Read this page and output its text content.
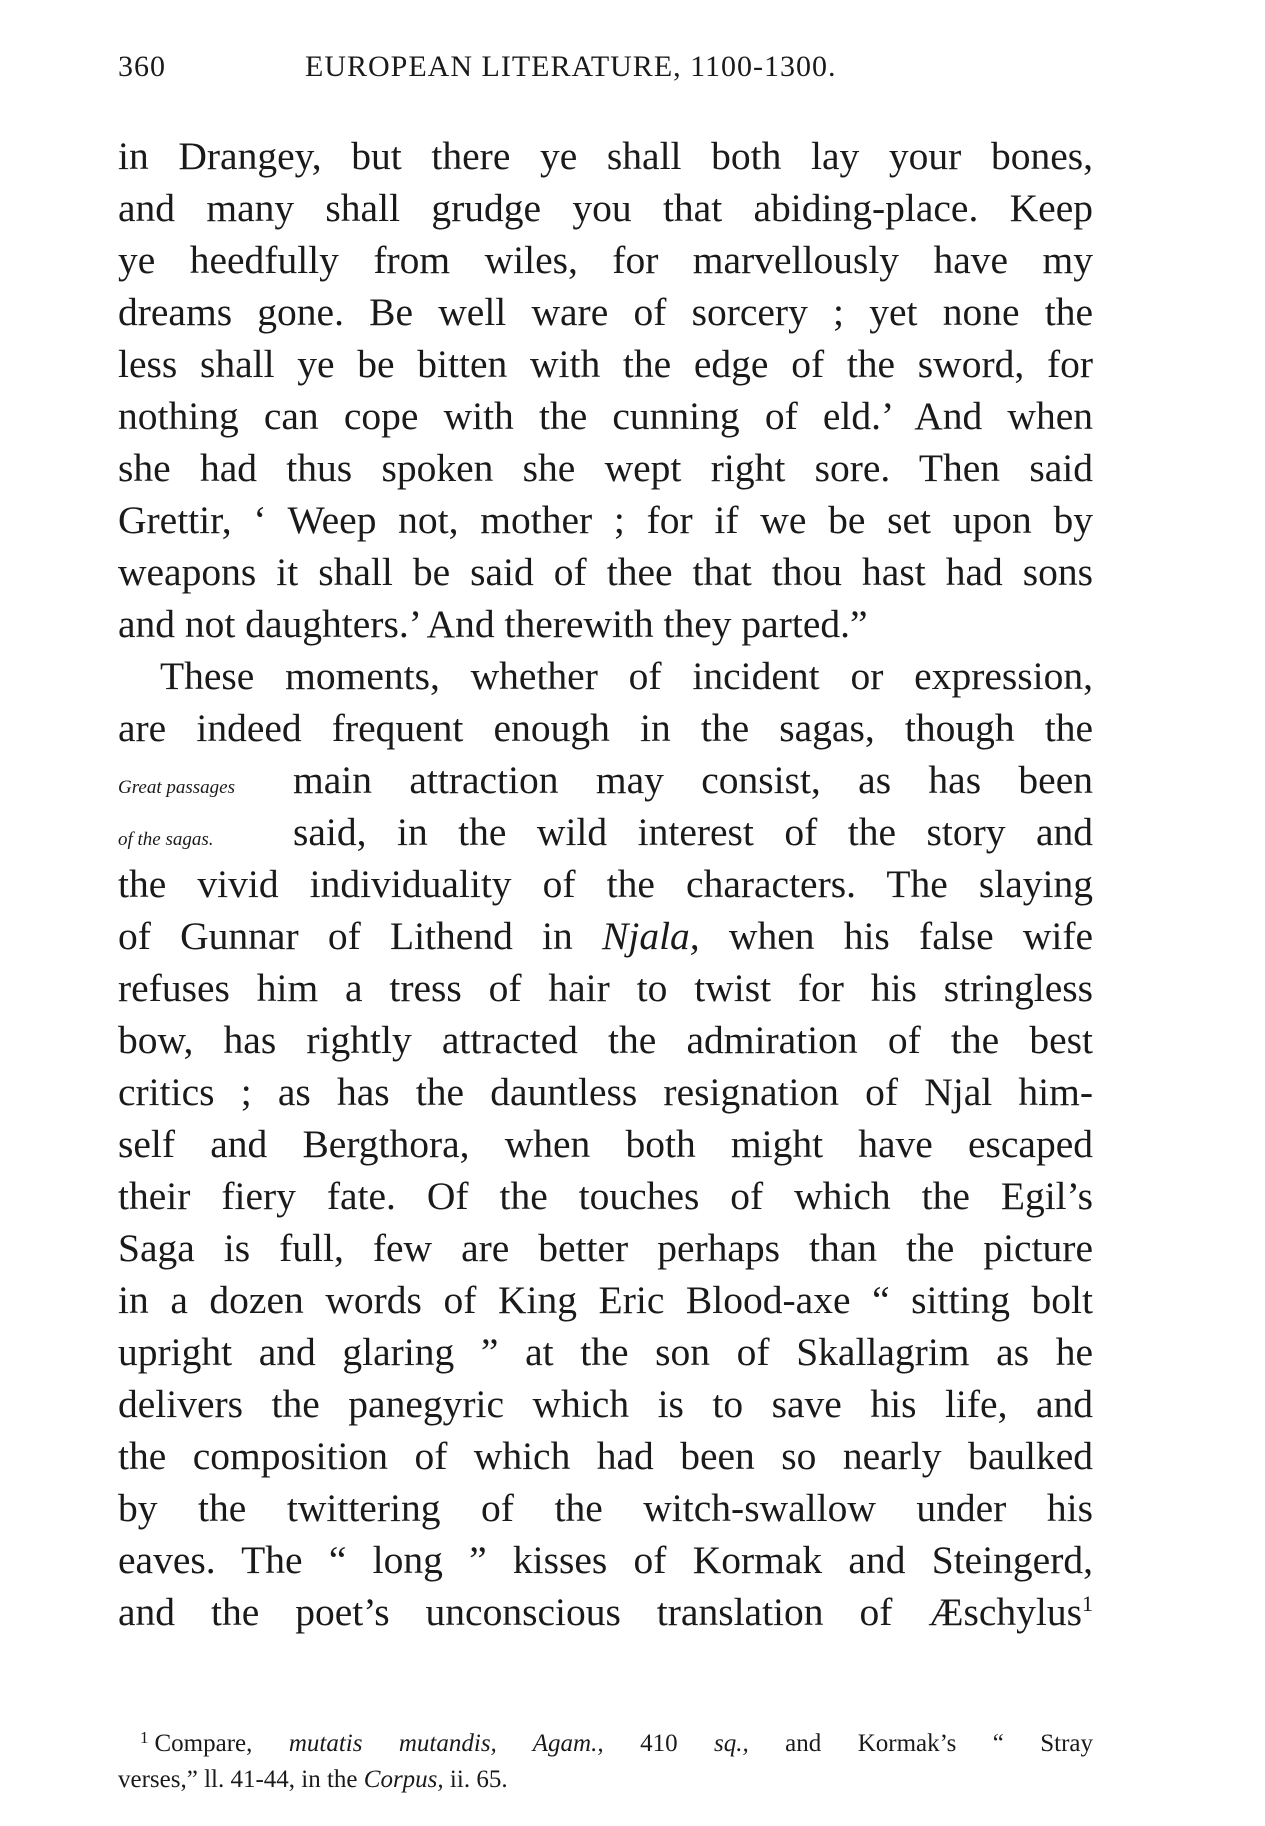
360	EUROPEAN LITERATURE, 1100-1300.
in Drangey, but there ye shall both lay your bones,
and many shall grudge you that abiding-place. Keep
ye heedfully from wiles, for marvellously have my
dreams gone. Be well ware of sorcery ; yet none the
less shall ye be bitten with the edge of the sword, for
nothing can cope with the cunning of eld.’ And when
she had thus spoken she wept right sore. Then said
Grettir, ‘ Weep not, mother ; for if we be set upon by
weapons it shall be said of thee that thou hast had sons
and not daughters.’ And therewith they parted.”
These moments, whether of incident or expression,
are indeed frequent enough in the sagas, though the
Great passages	main attraction may consist, as has been
of the sagas.	said, in the wild interest of the story and
the vivid individuality of the characters. The slaying
of Gunnar of Lithend in Njala, when his false wife
refuses him a tress of hair to twist for his stringless
bow, has rightly attracted the admiration of the best
critics ; as has the dauntless resignation of Njal him-
self and Bergthora, when both might have escaped
their fiery fate. Of the touches of which the Egil’s
Saga is full, few are better perhaps than the picture
in a dozen words of King Eric Blood-axe “ sitting bolt
upright and glaring ” at the son of Skallagrim as he
delivers the panegyric which is to save his life, and
the composition of which had been so nearly baulked
by the twittering of the witch-swallow under his
eaves. The “ long ” kisses of Kormak and Steingerd,
and the poet’s unconscious translation of Æschylus$^1$
$^1$ Compare, mutatis mutandis, Agam., 410 sq., and Kormak’s “ Stray
verses,” ll. 41-44, in the Corpus, ii. 65.
